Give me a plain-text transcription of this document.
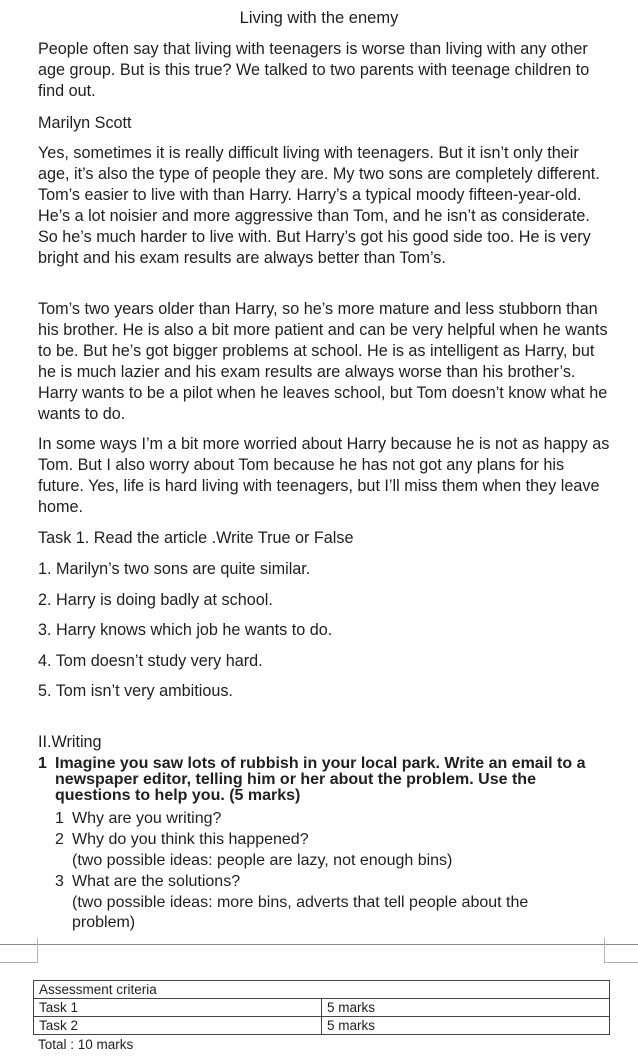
Living with the enemy

People often say that living with teenagers is worse than living with any other age group. But is this true? We talked to two parents with teenage children to find out.

Marilyn Scott

Yes, sometimes it is really difficult living with teenagers. But it isn’t only their age, it’s also the type of people they are. My two sons are completely different. Tom’s easier to live with than Harry. Harry’s a typical moody fifteen-year-old. He’s a lot noisier and more aggressive than Tom, and he isn’t as considerate. So he’s much harder to live with. But Harry’s got his good side too. He is very bright and his exam results are always better than Tom’s.

Tom’s two years older than Harry, so he’s more mature and less stubborn than his brother. He is also a bit more patient and can be very helpful when he wants to be. But he’s got bigger problems at school. He is as intelligent as Harry, but he is much lazier and his exam results are always worse than his brother’s. Harry wants to be a pilot when he leaves school, but Tom doesn’t know what he wants to do.

In some ways I’m a bit more worried about Harry because he is not as happy as Tom. But I also worry about Tom because he has not got any plans for his future. Yes, life is hard living with teenagers, but I’ll miss them when they leave home.

Task 1. Read the article .Write True or False
1. Marilyn’s two sons are quite similar.
2. Harry is doing badly at school.
3. Harry knows which job he wants to do.
4. Tom doesn’t study very hard.
5. Tom isn’t very ambitious.
II.Writing
1 Imagine you saw lots of rubbish in your local park. Write an email to a newspaper editor, telling him or her about the problem. Use the questions to help you. (5 marks)
1 Why are you writing?
2 Why do you think this happened?
(two possible ideas: people are lazy, not enough bins)
3 What are the solutions?
(two possible ideas: more bins, adverts that tell people about the problem)
Assessment criteria	
Task 1	5 marks
Task 2	5 marks
Total : 10 marks
